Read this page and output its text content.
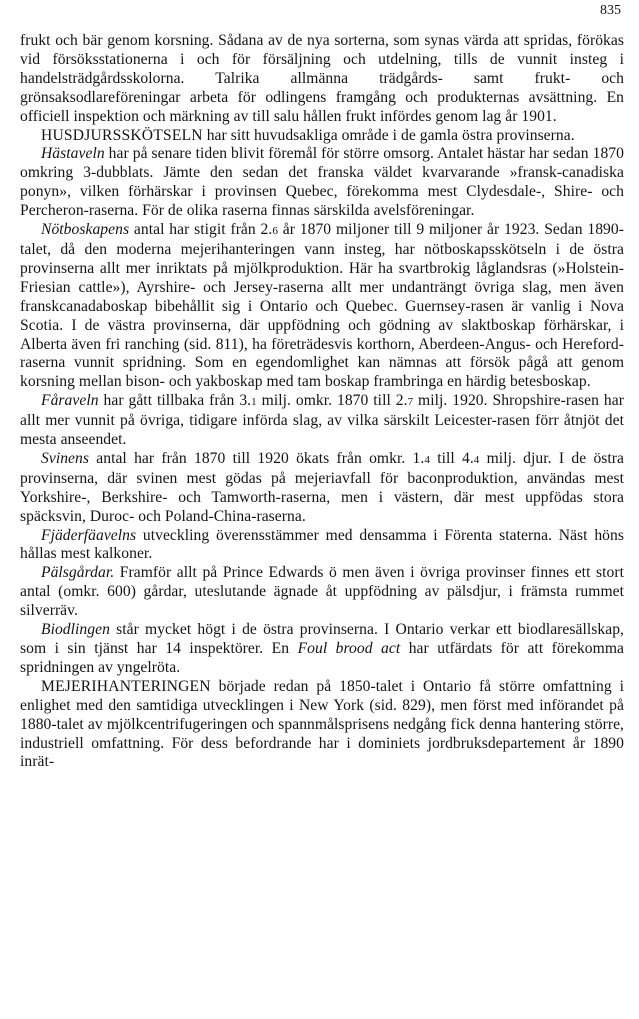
835

frukt och bär genom korsning. Sådana av de nya sorterna, som synas värda att spridas, förökas vid försöksstationerna i och för försäljning och utdelning, tills de vunnit insteg i handelsträdgårdsskolorna. Talrika allmänna trädgårds- samt frukt- och grönsaksodlareföreningar arbeta för odlingens framgång och produkternas avsättning. En officiell inspektion och märkning av till salu hållen frukt infördes genom lag år 1901.

HUSDJURSSKÖTSELN har sitt huvudsakliga område i de gamla östra provinserna.

Hästaveln har på senare tiden blivit föremål för större omsorg. Antalet hästar har sedan 1870 omkring 3-dubblats. Jämte den sedan det franska väldet kvarvarande »fransk-canadiska ponyn», vilken förhärskar i provinsen Quebec, förekomma mest Clydesdale-, Shire- och Percheron-raserna. För de olika raserna finnas särskilda avelsföreningar.

Nötboskapens antal har stigit från 2.6 år 1870 miljoner till 9 miljoner år 1923. Sedan 1890-talet, då den moderna mejerihanteringen vann insteg, har nötboskapsskötseln i de östra provinserna allt mer inriktats på mjölkproduktion. Här ha svartbrokig låglandsras (»Holstein-Friesian cattle»), Ayrshire- och Jersey-raserna allt mer undanträngt övriga slag, men även franskcanadaboskap bibehållit sig i Ontario och Quebec. Guernsey-rasen är vanlig i Nova Scotia. I de västra provinserna, där uppfödning och gödning av slaktboskap förhärskar, i Alberta även fri ranching (sid. 811), ha företrädesvis korthorn, Aberdeen-Angus- och Hereford-raserna vunnit spridning. Som en egendomlighet kan nämnas att försök pågå att genom korsning mellan bison- och yakboskap med tam boskap frambringa en härdig betesboskap.

Fåraveln har gått tillbaka från 3.1 milj. omkr. 1870 till 2.7 milj. 1920. Shropshire-rasen har allt mer vunnit på övriga, tidigare införda slag, av vilka särskilt Leicester-rasen förr åtnjöt det mesta anseendet.

Svinens antal har från 1870 till 1920 ökats från omkr. 1.4 till 4.4 milj. djur. I de östra provinserna, där svinen mest gödas på mejeriavfall för baconproduktion, användas mest Yorkshire-, Berkshire- och Tamworth-raserna, men i västern, där mest uppfödas stora späcksvin, Duroc- och Poland-China-raserna.

Fjäderfäavelns utveckling överensstämmer med densamma i Förenta staterna. Näst höns hållas mest kalkoner.

Pälsgårdar. Framför allt på Prince Edwards ö men även i övriga provinser finnes ett stort antal (omkr. 600) gårdar, uteslutande ägnade åt uppfödning av pälsdjur, i främsta rummet silverräv.

Biodlingen står mycket högt i de östra provinserna. I Ontario verkar ett biodlaresällskap, som i sin tjänst har 14 inspektörer. En Foul brood act har utfärdats för att förekomma spridningen av yngelröta.

MEJERIHANTERINGEN började redan på 1850-talet i Ontario få större omfattning i enlighet med den samtidiga utvecklingen i New York (sid. 829), men först med införandet på 1880-talet av mjölkcentrifugeringen och spannmålsprisens nedgång fick denna hantering större, industriell omfattning. För dess befordrande har i dominiets jordbruksdepartement år 1890 inrät-
